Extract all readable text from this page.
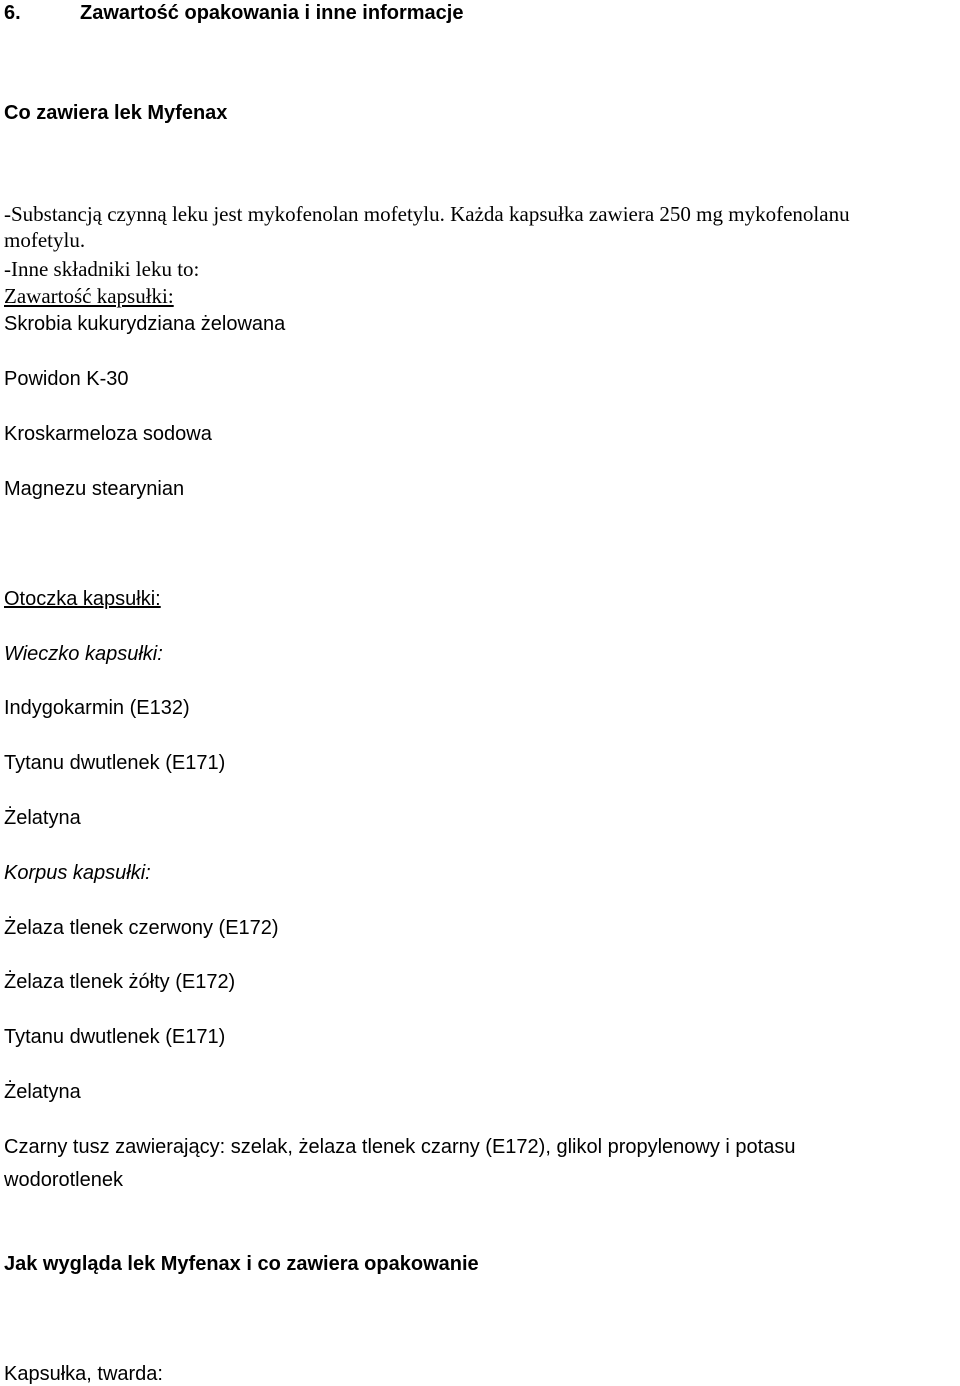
6.	Zawartość opakowania i inne informacje
Co zawiera lek Myfenax
-Substancją czynną leku jest mykofenolan mofetylu. Każda kapsułka zawiera 250 mg mykofenolanu
mofetylu.
-Inne składniki leku to:
Zawartość kapsułki:
Skrobia kukurydziana żelowana
Powidon K-30
Kroskarmeloza sodowa
Magnezu stearynian
Otoczka kapsułki:
Wieczko kapsułki:
Indygokarmin (E132)
Tytanu dwutlenek (E171)
Żelatyna
Korpus kapsułki:
Żelaza tlenek czerwony (E172)
Żelaza tlenek żółty (E172)
Tytanu dwutlenek (E171)
Żelatyna
Czarny tusz zawierający: szelak, żelaza tlenek czarny (E172), glikol propylenowy i potasu
wodorotlenek
Jak wygląda lek Myfenax i co zawiera opakowanie
Kapsułka, twarda:
